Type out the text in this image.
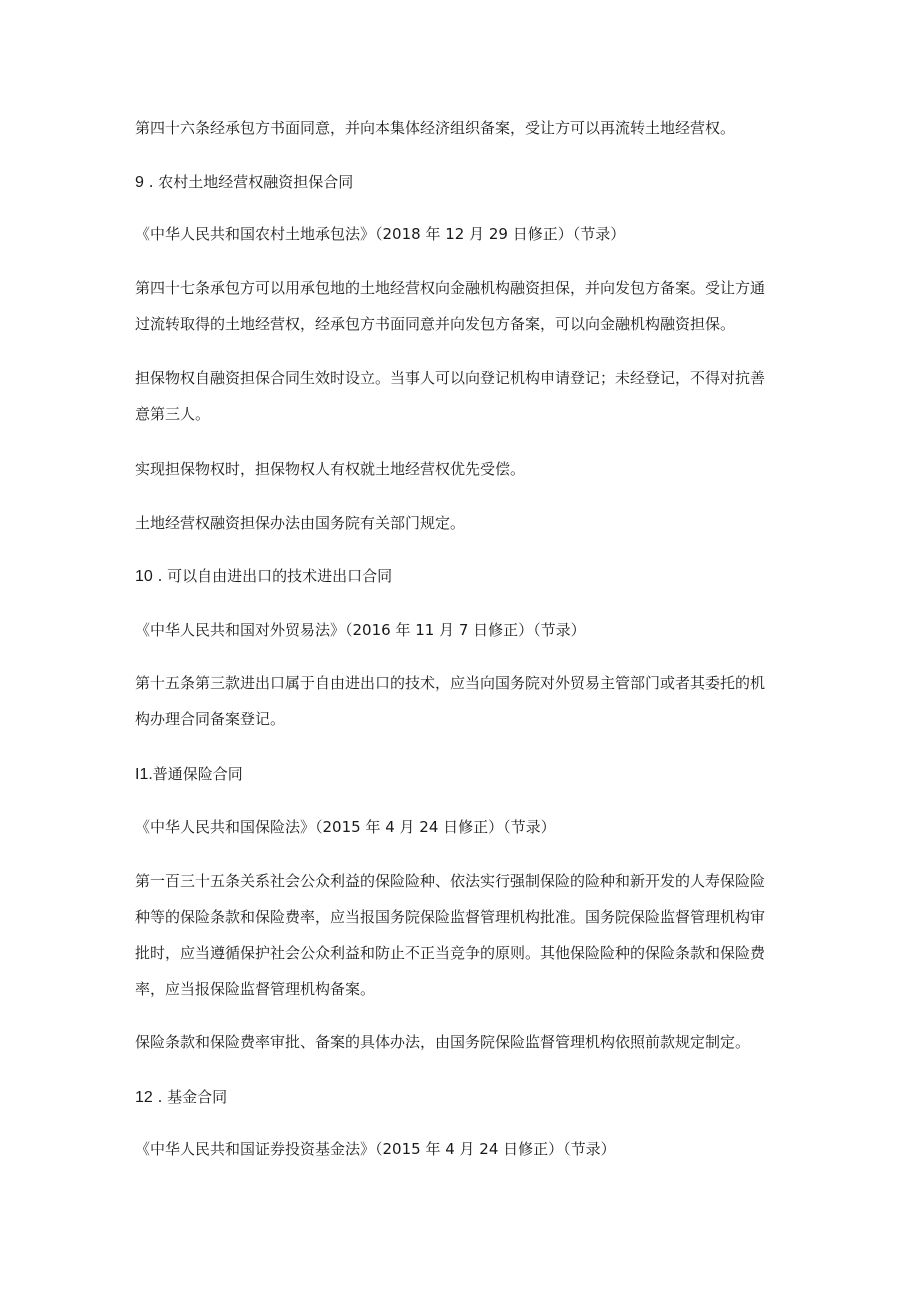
第四十六条经承包方书面同意，并向本集体经济组织备案，受让方可以再流转土地经营权。
9 . 农村土地经营权融资担保合同
《中华人民共和国农村土地承包法》（2018 年 12 月 29 日修正）（节录）
第四十七条承包方可以用承包地的土地经营权向金融机构融资担保，并向发包方备案。受让方通
过流转取得的土地经营权，经承包方书面同意并向发包方备案，可以向金融机构融资担保。
担保物权自融资担保合同生效时设立。当事人可以向登记机构申请登记；未经登记，不得对抗善
意第三人。
实现担保物权时，担保物权人有权就土地经营权优先受偿。
土地经营权融资担保办法由国务院有关部门规定。
10 . 可以自由进出口的技术进出口合同
《中华人民共和国对外贸易法》（2016 年 11 月 7 日修正）（节录）
第十五条第三款进出口属于自由进出口的技术，应当向国务院对外贸易主管部门或者其委托的机
构办理合同备案登记。
I1.普通保险合同
《中华人民共和国保险法》（2015 年 4 月 24 日修正）（节录）
第一百三十五条关系社会公众利益的保险险种、依法实行强制保险的险种和新开发的人寿保险险
种等的保险条款和保险费率，应当报国务院保险监督管理机构批准。国务院保险监督管理机构审
批时，应当遵循保护社会公众利益和防止不正当竞争的原则。其他保险险种的保险条款和保险费
率，应当报保险监督管理机构备案。
保险条款和保险费率审批、备案的具体办法，由国务院保险监督管理机构依照前款规定制定。
12 . 基金合同
《中华人民共和国证券投资基金法》（2015 年 4 月 24 日修正）（节录）
